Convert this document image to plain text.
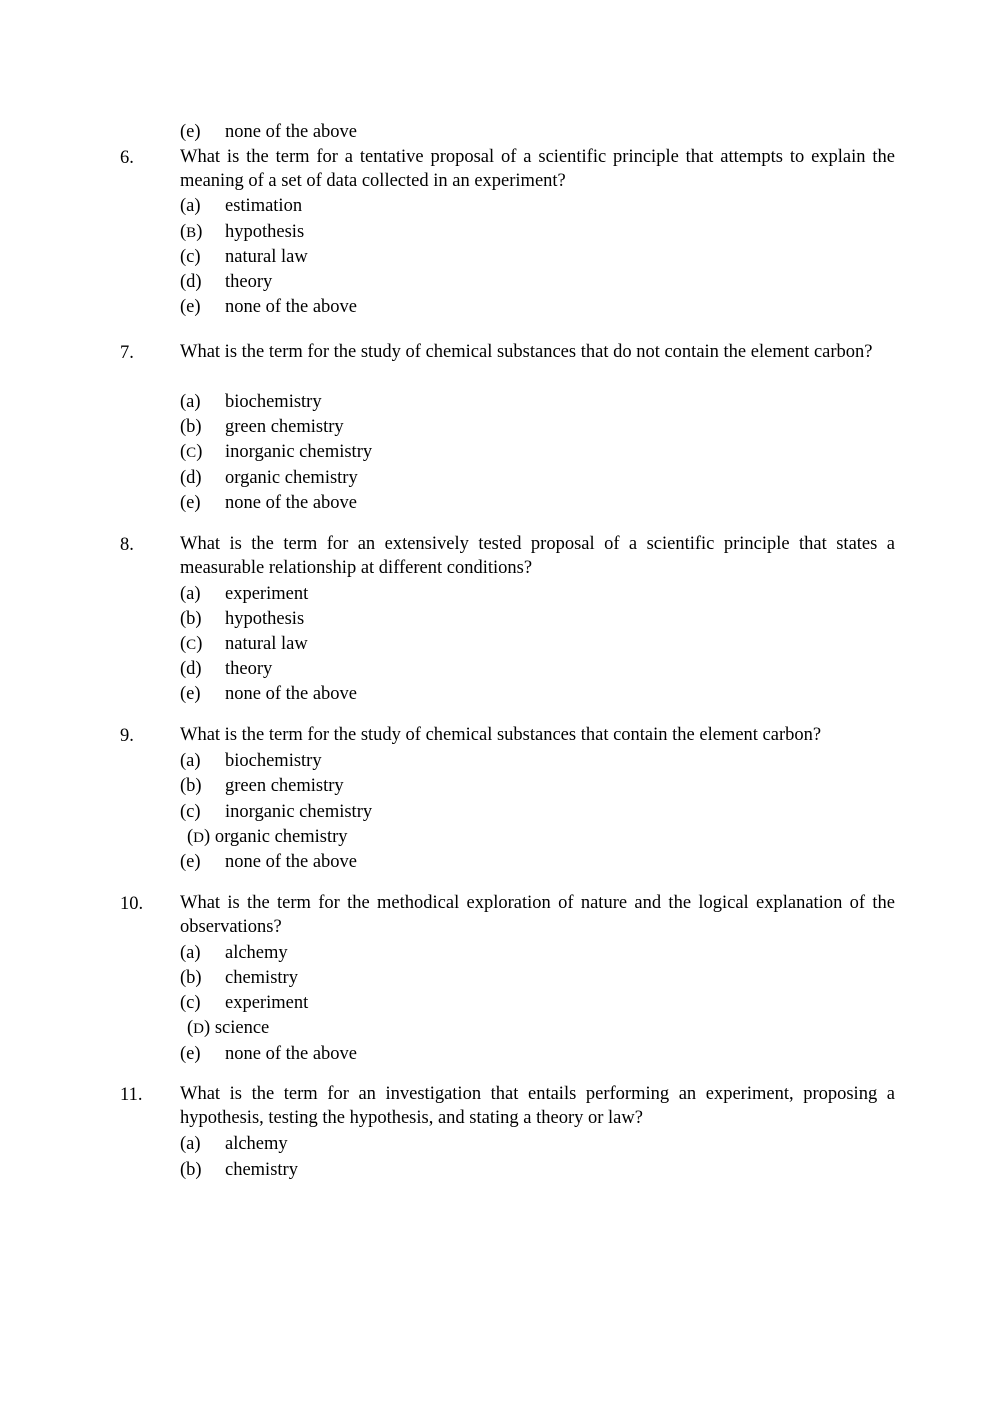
(e) none of the above
6. What is the term for a tentative proposal of a scientific principle that attempts to explain the meaning of a set of data collected in an experiment?
(a) estimation
(B) hypothesis
(c) natural law
(d) theory
(e) none of the above
7. What is the term for the study of chemical substances that do not contain the element carbon?
(a) biochemistry
(b) green chemistry
(C) inorganic chemistry
(d) organic chemistry
(e) none of the above
8. What is the term for an extensively tested proposal of a scientific principle that states a measurable relationship at different conditions?
(a) experiment
(b) hypothesis
(C) natural law
(d) theory
(e) none of the above
9. What is the term for the study of chemical substances that contain the element carbon?
(a) biochemistry
(b) green chemistry
(c) inorganic chemistry
(D) organic chemistry
(e) none of the above
10. What is the term for the methodical exploration of nature and the logical explanation of the observations?
(a) alchemy
(b) chemistry
(c) experiment
(D) science
(e) none of the above
11. What is the term for an investigation that entails performing an experiment, proposing a hypothesis, testing the hypothesis, and stating a theory or law?
(a) alchemy
(b) chemistry
